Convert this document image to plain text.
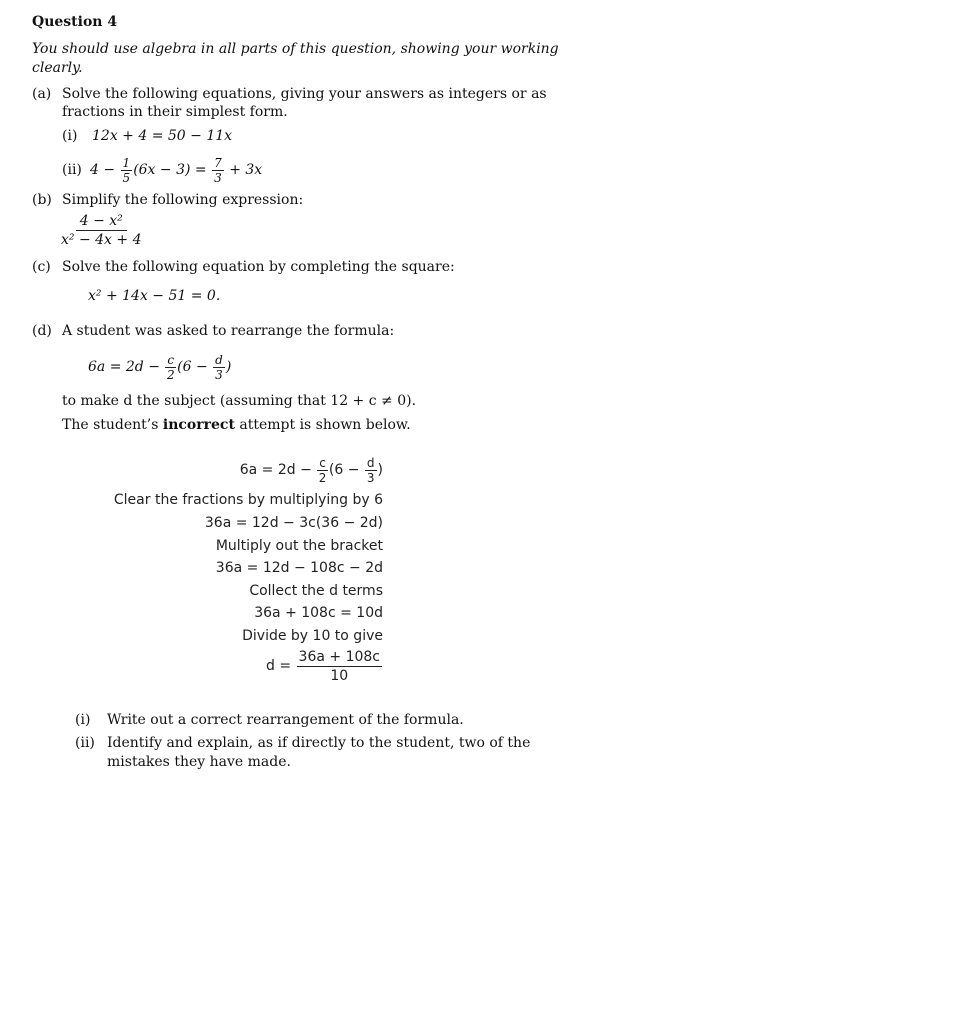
Question 4
You should use algebra in all parts of this question, showing your working
clearly.
(a) Solve the following equations, giving your answers as integers or as
fractions in their simplest form.
(i) 12x + 4 = 50 − 11x
(ii) $4 - \frac{1}{5} (6x - 3) = \frac{7}{3} + 3x$
(b) Simplify the following expression:
$\frac{\text{4 − x²}}{\text{x² − 4x + 4}}$
(c) Solve the following equation by completing the square:
x² + 14x − 51 = 0.
(d) A student was asked to rearrange the formula:
$6a = 2d - \frac{c}{2} (6 - \frac{d}{3}$ )
to make d the subject (assuming that 12 + c ≠ 0).
The student’s incorrect attempt is shown below.
$6a = 2d - \frac{c}{2} (6 - \frac{d}{3}$ )
Clear the fractions by multiplying by 6
36a = 12d − 3c(36 − 2d)
Multiply out the bracket
36a = 12d − 108c − 2d
Collect the d terms
36a + 108c = 10d
Divide by 10 to give
$d = \frac{36a + 108c}{10}$
(i) Write out a correct rearrangement of the formula.
(ii) Identify and explain, as if directly to the student, two of the
mistakes they have made.
